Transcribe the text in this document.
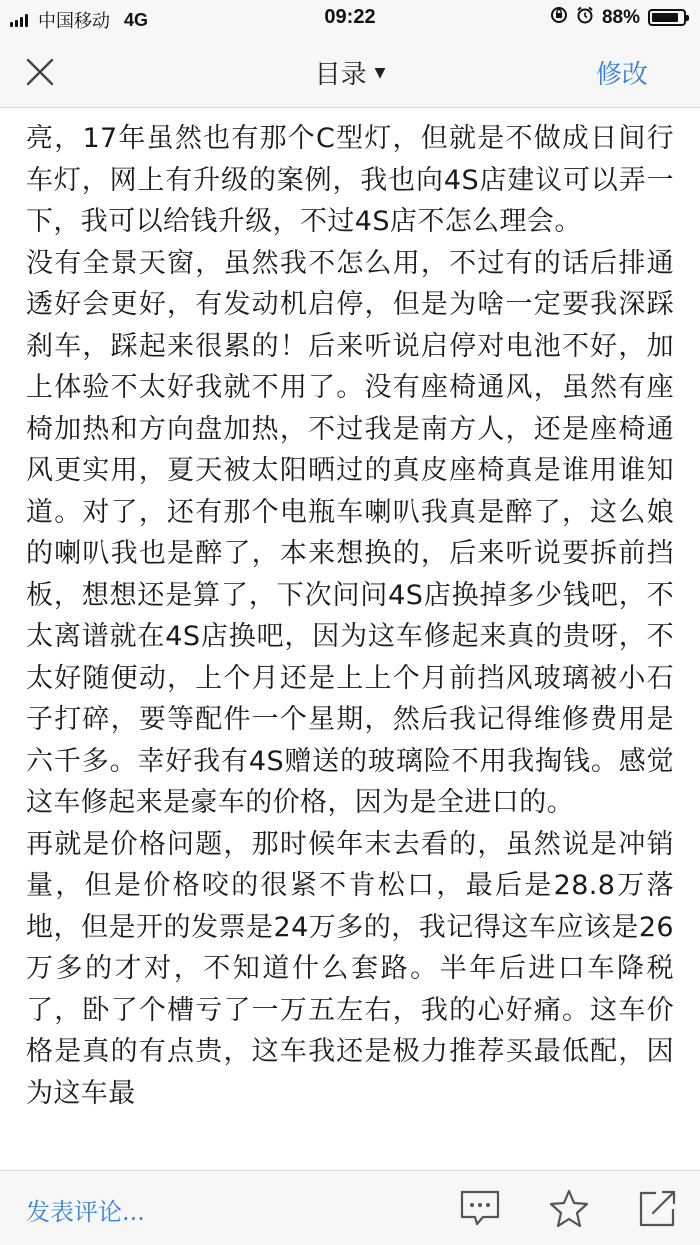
中国移动 4G	09:22	88%
目录 ▼	修改

亮，17年虽然也有那个C型灯，但就是不做成日间行车灯，网上有升级的案例，我也向4S店建议可以弄一下，我可以给钱升级，不过4S店不怎么理会。

没有全景天窗，虽然我不怎么用，不过有的话后排通透好会更好，有发动机启停，但是为啥一定要我深踩刹车，踩起来很累的！后来听说启停对电池不好，加上体验不太好我就不用了。没有座椅通风，虽然有座椅加热和方向盘加热，不过我是南方人，还是座椅通风更实用，夏天被太阳晒过的真皮座椅真是谁用谁知道。对了，还有那个电瓶车喇叭我真是醉了，这么娘的喇叭我也是醉了，本来想换的，后来听说要拆前挡板，想想还是算了，下次问问4S店换掉多少钱吧，不太离谱就在4S店换吧，因为这车修起来真的贵呀，不太好随便动，上个月还是上上个月前挡风玻璃被小石子打碎，要等配件一个星期，然后我记得维修费用是六千多。幸好我有4S赠送的玻璃险不用我掏钱。感觉这车修起来是豪车的价格，因为是全进口的。

再就是价格问题，那时候年末去看的，虽然说是冲销量，但是价格咬的很紧不肯松口，最后是28.8万落地，但是开的发票是24万多的，我记得这车应该是26万多的才对，不知道什么套路。半年后进口车降税了，卧了个槽亏了一万五左右，我的心好痛。这车价格是真的有点贵，这车我还是极力推荐买最低配，因为这车最

发表评论...
